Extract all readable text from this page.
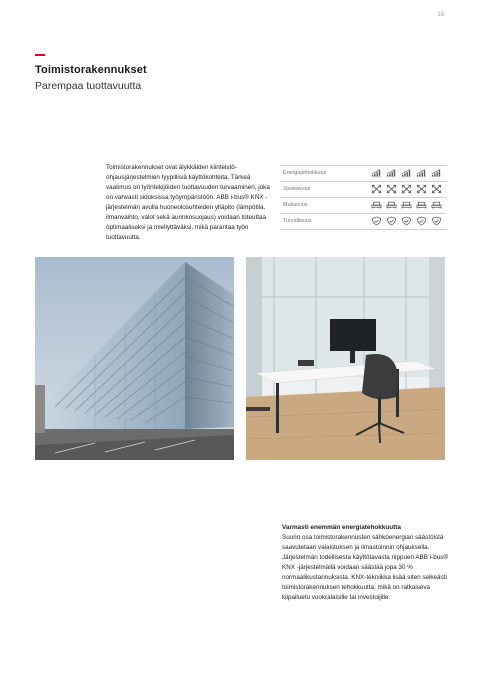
19
Toimistorakennukset
Parempaa tuottavuutta
Toimistorakennukset ovat älykkäiden kiinteistö-ohjausjärjestelmien tyypillisiä käyttökohteita. Tärkeä vaatimus on työntekijöiden tuottavuuden turvaaminen, joka on vahvasti sidoksissa työympäristöön. ABB i-bus® KNX -järjestelmän avulla huoneolosuhteiden ylläpito (lämpötila, ilmanvaihto, valot sekä aurinkosuojaus) voidaan toteuttaa optimaaliseksi ja miellyttäväksi, mikä parantaa työn tuottavuutta.
Energiatehokkuus
Joustavuus
Mukavuus
Turvallisuus
Varmasti enemmän energiatehokkuutta
Suurin osa toimistorakennusten sähköenergian säästöistä saavutetaan valaistuksen ja ilmastoinnin ohjauksella. Järjestelmän todellisesta käyttötavasta riippuen ABB i-bus® KNX -järjestelmällä voidaan säästää jopa 30 % normaalikustannuksista. KNX-tekniikka lisää siten selkeästi toimistorakennuksen tehokkuutta, mikä on ratkaiseva kilpailuetu vuokralaisille tai investoijille.
